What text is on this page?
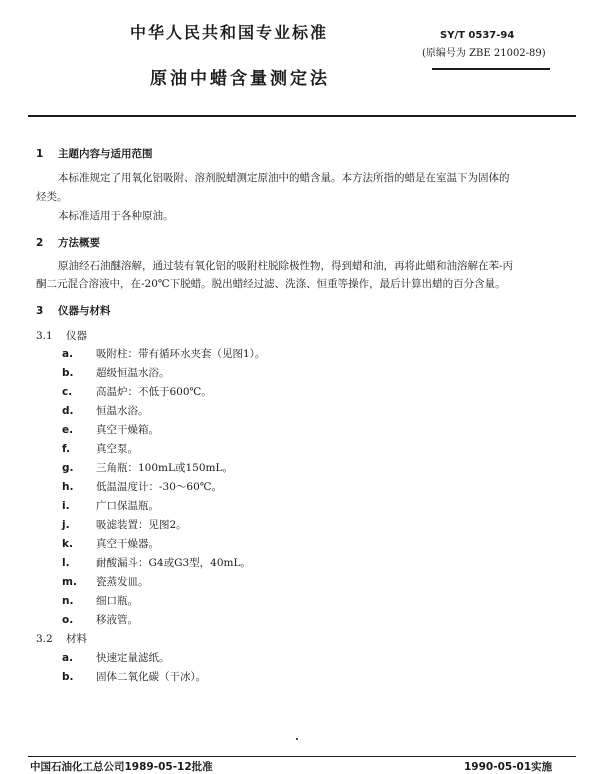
中华人民共和国专业标准	SY/T 0537-94
(原编号为 ZBE 21002-89)
原油中蜡含量测定法
1 主题内容与适用范围
本标准规定了用氧化铝吸附、溶剂脱蜡测定原油中的蜡含量。本方法所指的蜡是在室温下为固体的
烃类。
本标准适用于各种原油。
2 方法概要
原油经石油醚溶解，通过装有氧化铝的吸附柱脱除极性物，得到蜡和油，再将此蜡和油溶解在苯-丙
酮二元混合溶液中，在-20℃下脱蜡。脱出蜡经过滤、洗涤、恒重等操作，最后计算出蜡的百分含量。
3 仪器与材料
3.1 仪器
a. 吸附柱：带有循环水夹套（见图1）。
b. 超级恒温水浴。
c. 高温炉：不低于600℃。
d. 恒温水浴。
e. 真空干燥箱。
f. 真空泵。
g. 三角瓶：100mL或150mL。
h. 低温温度计：-30～60℃。
i.	广口保温瓶。
j.	吸滤装置：见图2。
k. 真空干燥器。
l.	耐酸漏斗：G4或G3型，40mL。
m. 瓷蒸发皿。
n. 细口瓶。
o. 移液管。
3.2 材料
a. 快速定量滤纸。
b. 固体二氧化碳（干冰）。
中国石油化工总公司1989-05-12批准	1990-05-01实施
